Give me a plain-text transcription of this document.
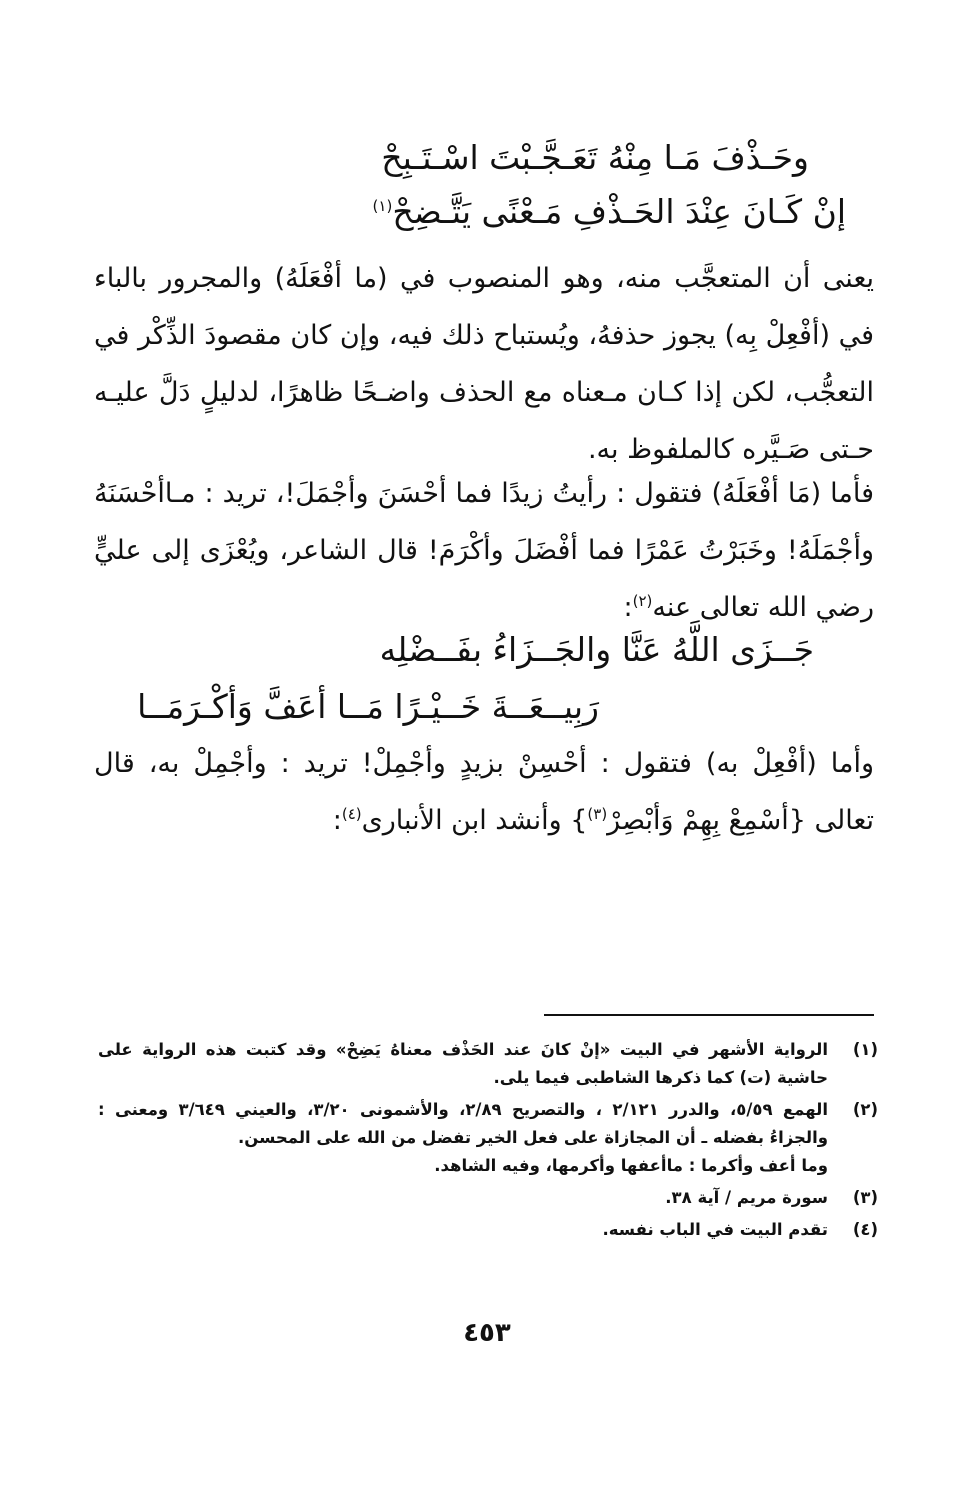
وحَـذْفَ مَـا مِنْهُ تَعَـجَّـبْتَ اسْـتَـبِحْ
إنْ كَـانَ عِنْدَ الحَـذْفِ مَـعْنًى يَتَّـضِحْ$^{(١)}$
يعنى أن المتعجَّب منه، وهو المنصوب في (ما أفْعَلَهُ) والمجرور بالباء في (أفْعِلْ بِه) يجوز حذفهُ، ويُستباح ذلك فيه، وإن كان مقصودَ الذِّكْر في التعجُّب، لكن إذا كـان مـعناه مع الحذف واضـحًا ظاهرًا، لدليلٍ دَلَّ عليـه حـتى صَـيَّره كالملفوظ به.
فأما (مَا أفْعَلَهُ) فتقول : رأيتُ زيدًا فما أحْسَنَ وأجْمَلَ!، تريد : مـاأحْسَنَهُ وأجْمَلَهُ! وخَبَرْتُ عَمْرًا فما أفْضَلَ وأكْرَمَ! قال الشاعر، ويُعْزَى إلى عليٍّ رضي الله تعالى عنه$^{(٢)}$:
جَــزَى اللَّهُ عَنَّا والجَــزَاءُ بفَــضْلِه
رَبِيــعَــةَ خَــيْـرًا مَــا أعَفَّ وَأكْـرَمَــا
وأما (أفْعِلْ به) فتقول : أحْسِنْ بزيدٍ وأجْمِلْ! تريد : وأجْمِلْ به، قال تعالى {أسْمِعْ بِهِمْ وَأبْصِرْ$^{(٣)}$} وأنشد ابن الأنبارى$^{(٤)}$:
(١)
الرواية الأشهر في البيت «إنْ كانَ عند الحَذْف معناهُ يَضِحْ» وقد كتبت هذه الرواية على حاشية (ت) كما ذكرها الشاطبى فيما يلى.
(٢)
الهمع ٥/٥٩، والدرر ٢/١٢١ ، والتصريح ٢/٨٩، والأشمونى ٣/٢٠، والعيني ٣/٦٤٩ ومعنى : والجزاءُ بفضله ـ أن المجازاة على فعل الخير تفضل من الله على المحسن.
وما أعف وأكرما : ماأعفها وأكرمها، وفيه الشاهد.
(٣)
سورة مريم / آية ٣٨.
(٤)
تقدم البيت في الباب نفسه.
٤٥٣
